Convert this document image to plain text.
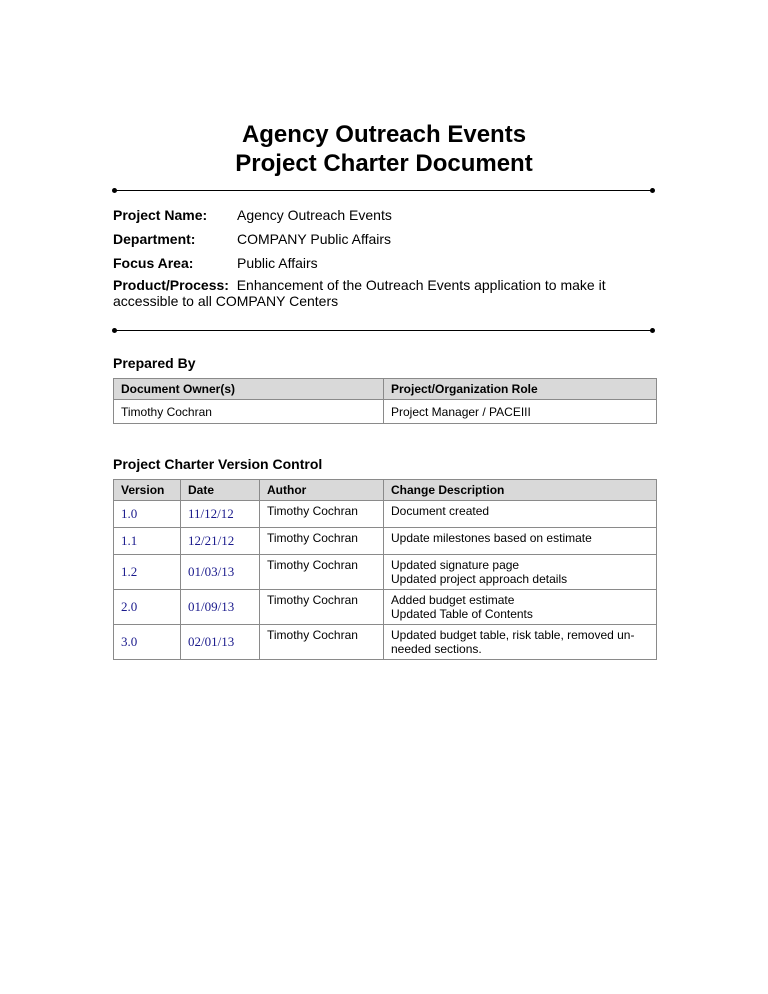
Agency Outreach Events
Project Charter Document
Project Name: Agency Outreach Events
Department:	COMPANY Public Affairs
Focus Area:	Public Affairs
Product/Process: Enhancement of the Outreach Events application to make it accessible to all COMPANY Centers
Prepared By
Document Owner(s)	Project/Organization Role
Timothy Cochran	Project Manager / PACEIII
Project Charter Version Control
Version	Date	Author	Change Description
1.0	11/12/12	Timothy Cochran	Document created

1.1	12/21/12	Timothy Cochran	Update milestones based on estimate

1.2	01/03/13	Timothy Cochran	Updated signature page
Updated project approach details

2.0	01/09/13	Timothy Cochran	Added budget estimate
Updated Table of Contents

3.0	02/01/13	Timothy Cochran	Updated budget table, risk table, removed un-
needed sections.
